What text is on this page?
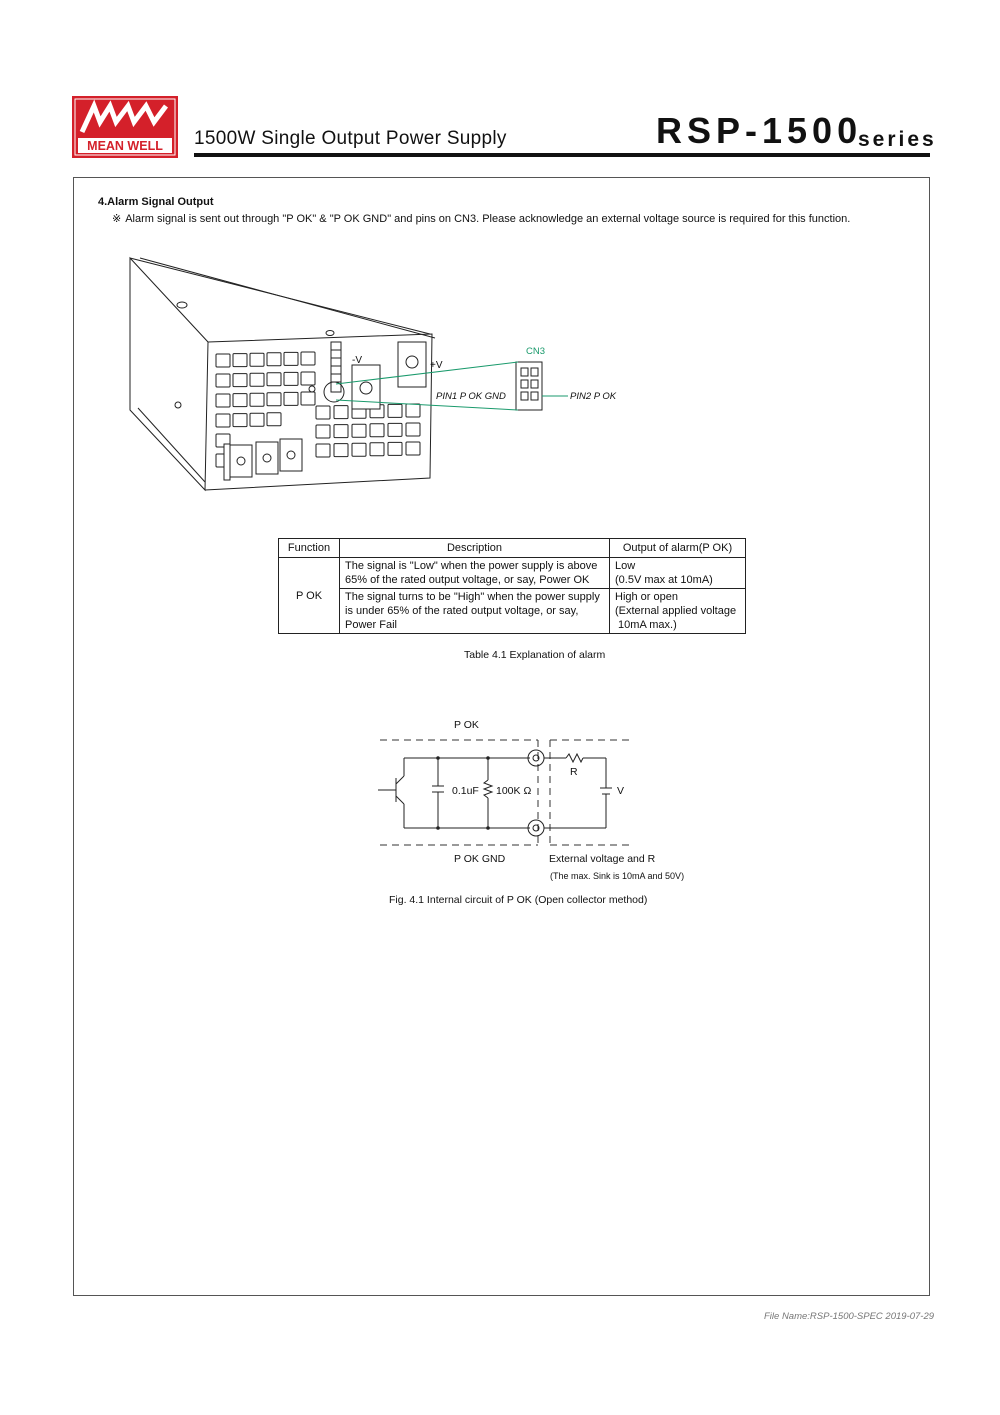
MEAN WELL 1500W Single Output Power Supply	RSP-1500
series
4.Alarm Signal Output
※ Alarm signal is sent out through "P OK" & "P OK GND" and pins on CN3. Please acknowledge an external voltage source is required for this function.
-V	+V
CN3
PIN1 P OK GND	PIN2 P OK
Function	Description	Output of alarm(P OK)
P OK	The signal is "Low" when the power supply is above
65% of the rated output voltage, or say, Power OK	Low
(0.5V max at 10mA)
	The signal turns to be "High" when the power supply
is under 65% of the rated output voltage, or say,
Power Fail	High or open
(External applied voltage
10mA max.)
Table 4.1 Explanation of alarm
P OK
0.1uF 100K Ω
R
V
P OK GND	External voltage and R
(The max. Sink is 10mA and 50V)
Fig. 4.1 Internal circuit of P OK (Open collector method)
File Name:RSP-1500-SPEC 2019-07-29
